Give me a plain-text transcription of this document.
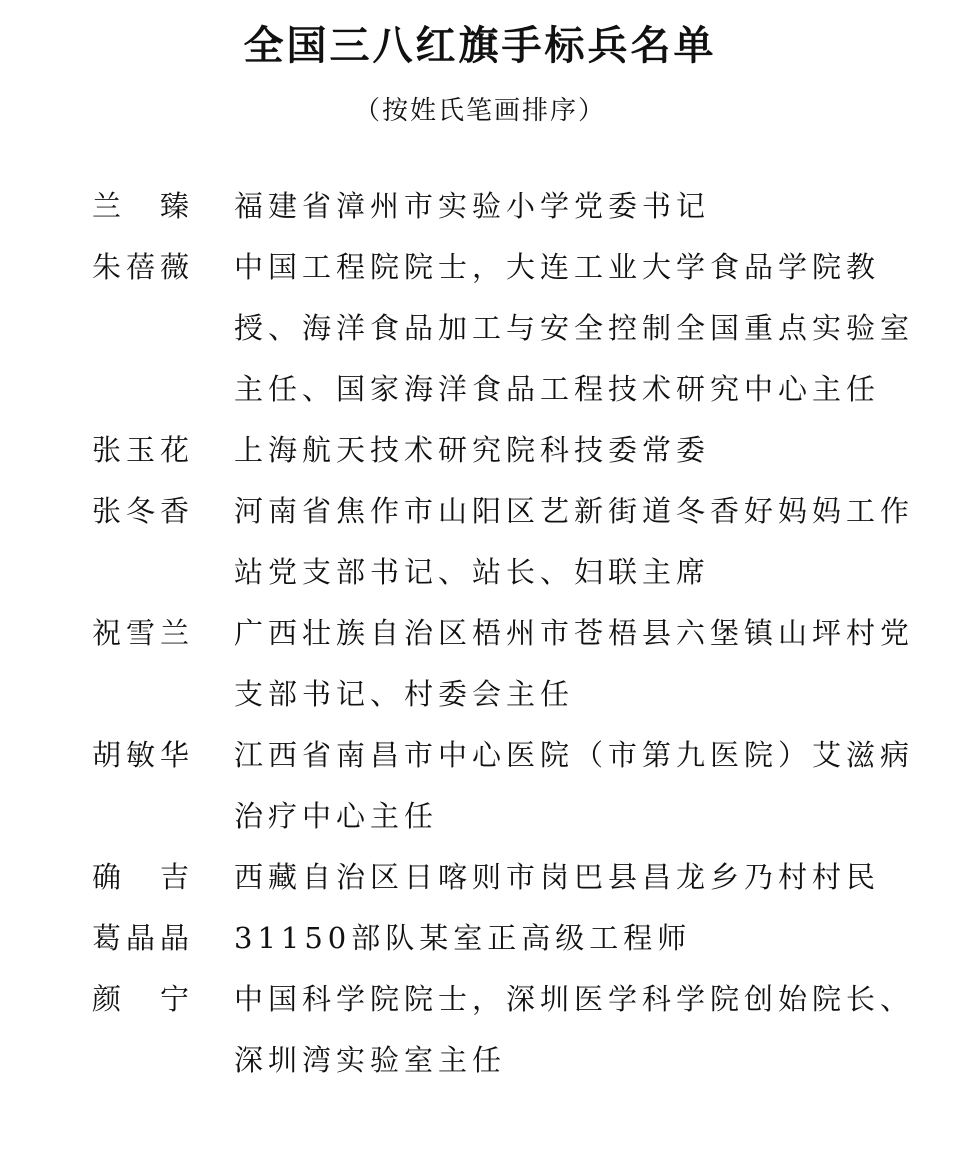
全国三八红旗手标兵名单
（按姓氏笔画排序）
兰　臻	福建省漳州市实验小学党委书记
朱蓓薇	中国工程院院士，大连工业大学食品学院教授、海洋食品加工与安全控制全国重点实验室主任、国家海洋食品工程技术研究中心主任
张玉花	上海航天技术研究院科技委常委
张冬香	河南省焦作市山阳区艺新街道冬香好妈妈工作站党支部书记、站长、妇联主席
祝雪兰	广西壮族自治区梧州市苍梧县六堡镇山坪村党支部书记、村委会主任
胡敏华	江西省南昌市中心医院（市第九医院）艾滋病治疗中心主任
确　吉	西藏自治区日喀则市岗巴县昌龙乡乃村村民
葛晶晶	31150部队某室正高级工程师
颜　宁	中国科学院院士，深圳医学科学院创始院长、深圳湾实验室主任
